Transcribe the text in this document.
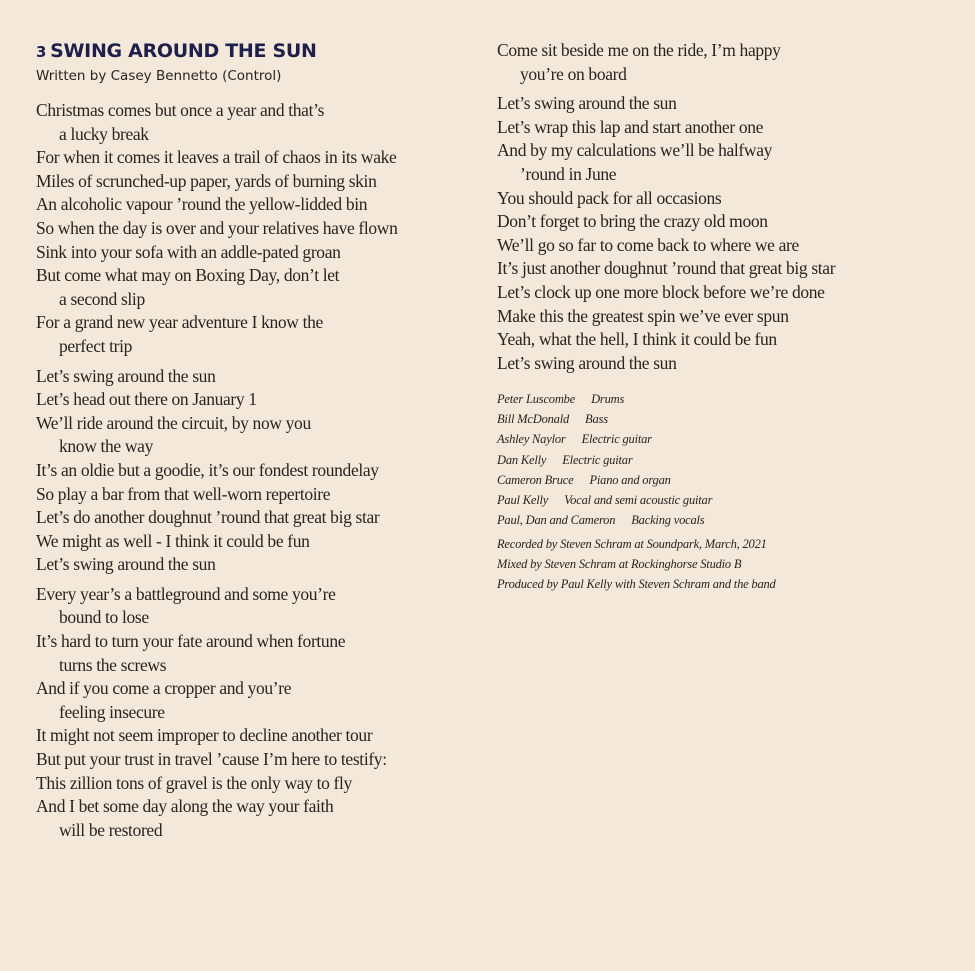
3 SWING AROUND THE SUN
Written by Casey Bennetto (Control)

Christmas comes but once a year and that’s
a lucky break
For when it comes it leaves a trail of chaos in its wake
Miles of scrunched-up paper, yards of burning skin
An alcoholic vapour ’round the yellow-lidded bin
So when the day is over and your relatives have flown
Sink into your sofa with an addle-pated groan
But come what may on Boxing Day, don’t let
a second slip
For a grand new year adventure I know the
perfect trip

Let’s swing around the sun
Let’s head out there on January 1
We’ll ride around the circuit, by now you
know the way
It’s an oldie but a goodie, it’s our fondest roundelay
So play a bar from that well-worn repertoire
Let’s do another doughnut ’round that great big star
We might as well - I think it could be fun
Let’s swing around the sun

Every year’s a battleground and some you’re
bound to lose
It’s hard to turn your fate around when fortune
turns the screws
And if you come a cropper and you’re
feeling insecure
It might not seem improper to decline another tour
But put your trust in travel ’cause I’m here to testify:
This zillion tons of gravel is the only way to fly
And I bet some day along the way your faith
will be restored

Come sit beside me on the ride, I’m happy
you’re on board

Let’s swing around the sun
Let’s wrap this lap and start another one
And by my calculations we’ll be halfway
’round in June
You should pack for all occasions
Don’t forget to bring the crazy old moon
We’ll go so far to come back to where we are
It’s just another doughnut ’round that great big star
Let’s clock up one more block before we’re done
Make this the greatest spin we’ve ever spun
Yeah, what the hell, I think it could be fun
Let’s swing around the sun

Peter Luscombe Drums
Bill McDonald Bass
Ashley Naylor Electric guitar
Dan Kelly Electric guitar
Cameron Bruce Piano and organ
Paul Kelly Vocal and semi acoustic guitar
Paul, Dan and Cameron Backing vocals
Recorded by Steven Schram at Soundpark, March, 2021
Mixed by Steven Schram at Rockinghorse Studio B
Produced by Paul Kelly with Steven Schram and the band
